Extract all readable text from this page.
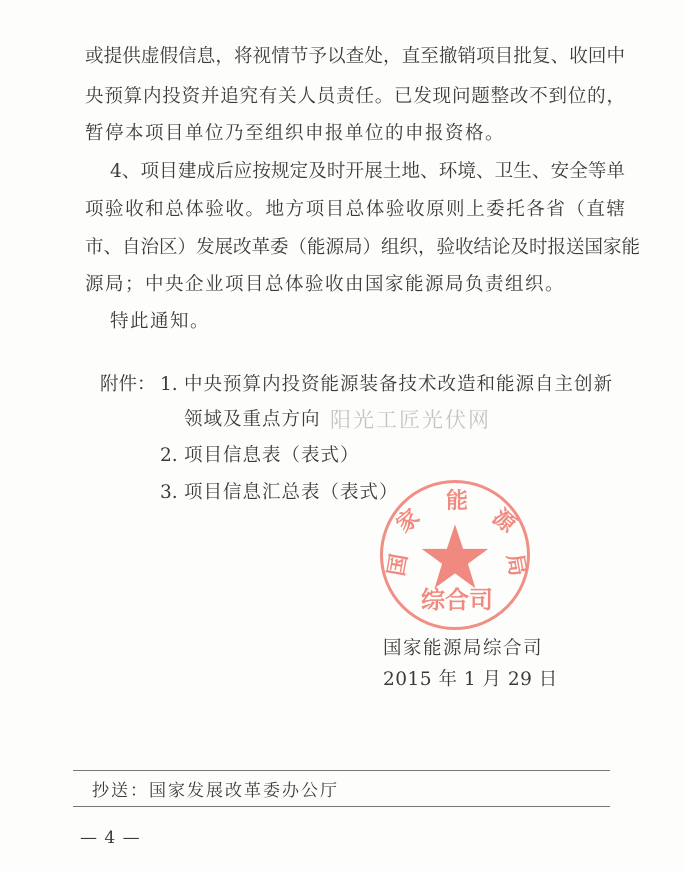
或提供虚假信息，将视情节予以查处，直至撤销项目批复、收回中
央预算内投资并追究有关人员责任。已发现问题整改不到位的，
暂停本项目单位乃至组织申报单位的申报资格。
4、项目建成后应按规定及时开展土地、环境、卫生、安全等单
项验收和总体验收。地方项目总体验收原则上委托各省（直辖
市、自治区）发展改革委（能源局）组织，验收结论及时报送国家能
源局；中央企业项目总体验收由国家能源局负责组织。
特此通知。
附件： 1. 中央预算内投资能源装备技术改造和能源自主创新
领域及重点方向
2. 项目信息表（表式）
3. 项目信息汇总表（表式）
阳光工匠光伏网
家
能
源
国	局
综合司
国家能源局综合司
2015 年 1 月 29 日
抄送：国家发展改革委办公厅
— 4 —
